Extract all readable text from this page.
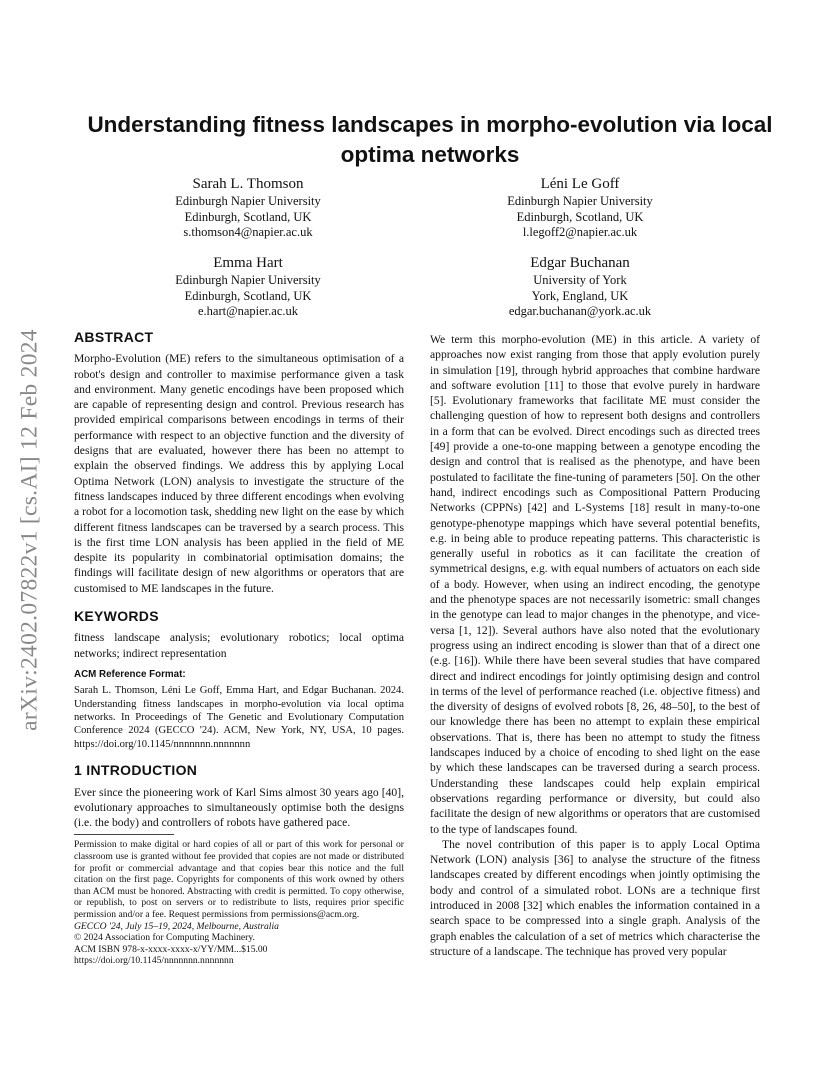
arXiv:2402.07822v1 [cs.AI] 12 Feb 2024
Understanding fitness landscapes in morpho-evolution via local optima networks
Sarah L. Thomson
Edinburgh Napier University
Edinburgh, Scotland, UK
s.thomson4@napier.ac.uk
Léni Le Goff
Edinburgh Napier University
Edinburgh, Scotland, UK
l.legoff2@napier.ac.uk
Emma Hart
Edinburgh Napier University
Edinburgh, Scotland, UK
e.hart@napier.ac.uk
Edgar Buchanan
University of York
York, England, UK
edgar.buchanan@york.ac.uk
ABSTRACT

Morpho-Evolution (ME) refers to the simultaneous optimisation of a robot's design and controller to maximise performance given a task and environment. Many genetic encodings have been proposed which are capable of representing design and control. Previous research has provided empirical comparisons between encodings in terms of their performance with respect to an objective function and the diversity of designs that are evaluated, however there has been no attempt to explain the observed findings. We address this by applying Local Optima Network (LON) analysis to investigate the structure of the fitness landscapes induced by three different encodings when evolving a robot for a locomotion task, shedding new light on the ease by which different fitness landscapes can be traversed by a search process. This is the first time LON analysis has been applied in the field of ME despite its popularity in combinatorial optimisation domains; the findings will facilitate design of new algorithms or operators that are customised to ME landscapes in the future.

KEYWORDS

fitness landscape analysis; evolutionary robotics; local optima networks; indirect representation

ACM Reference Format:

Sarah L. Thomson, Léni Le Goff, Emma Hart, and Edgar Buchanan. 2024. Understanding fitness landscapes in morpho-evolution via local optima networks. In Proceedings of The Genetic and Evolutionary Computation Conference 2024 (GECCO '24). ACM, New York, NY, USA, 10 pages. https://doi.org/10.1145/nnnnnnn.nnnnnnn

1 INTRODUCTION

Ever since the pioneering work of Karl Sims almost 30 years ago [40], evolutionary approaches to simultaneously optimise both the designs (i.e. the body) and controllers of robots have gathered pace.

Permission to make digital or hard copies of all or part of this work for personal or classroom use is granted without fee provided that copies are not made or distributed for profit or commercial advantage and that copies bear this notice and the full citation on the first page. Copyrights for components of this work owned by others than ACM must be honored. Abstracting with credit is permitted. To copy otherwise, or republish, to post on servers or to redistribute to lists, requires prior specific permission and/or a fee. Request permissions from permissions@acm.org.

GECCO '24, July 15–19, 2024, Melbourne, Australia

© 2024 Association for Computing Machinery.

ACM ISBN 978-x-xxxx-xxxx-x/YY/MM...$15.00

https://doi.org/10.1145/nnnnnnn.nnnnnnn

We term this morpho-evolution (ME) in this article. A variety of approaches now exist ranging from those that apply evolution purely in simulation [19], through hybrid approaches that combine hardware and software evolution [11] to those that evolve purely in hardware [5]. Evolutionary frameworks that facilitate ME must consider the challenging question of how to represent both designs and controllers in a form that can be evolved. Direct encodings such as directed trees [49] provide a one-to-one mapping between a genotype encoding the design and control that is realised as the phenotype, and have been postulated to facilitate the fine-tuning of parameters [50]. On the other hand, indirect encodings such as Compositional Pattern Producing Networks (CPPNs) [42] and L-Systems [18] result in many-to-one genotype-phenotype mappings which have several potential benefits, e.g. in being able to produce repeating patterns. This characteristic is generally useful in robotics as it can facilitate the creation of symmetrical designs, e.g. with equal numbers of actuators on each side of a body. However, when using an indirect encoding, the genotype and the phenotype spaces are not necessarily isometric: small changes in the genotype can lead to major changes in the phenotype, and vice-versa [1, 12]). Several authors have also noted that the evolutionary progress using an indirect encoding is slower than that of a direct one (e.g. [16]). While there have been several studies that have compared direct and indirect encodings for jointly optimising design and control in terms of the level of performance reached (i.e. objective fitness) and the diversity of designs of evolved robots [8, 26, 48–50], to the best of our knowledge there has been no attempt to explain these empirical observations. That is, there has been no attempt to study the fitness landscapes induced by a choice of encoding to shed light on the ease by which these landscapes can be traversed during a search process. Understanding these landscapes could help explain empirical observations regarding performance or diversity, but could also facilitate the design of new algorithms or operators that are customised to the type of landscapes found.

The novel contribution of this paper is to apply Local Optima Network (LON) analysis [36] to analyse the structure of the fitness landscapes created by different encodings when jointly optimising the body and control of a simulated robot. LONs are a technique first introduced in 2008 [32] which enables the information contained in a search space to be compressed into a single graph. Analysis of the graph enables the calculation of a set of metrics which characterise the structure of a landscape. The technique has proved very popular
